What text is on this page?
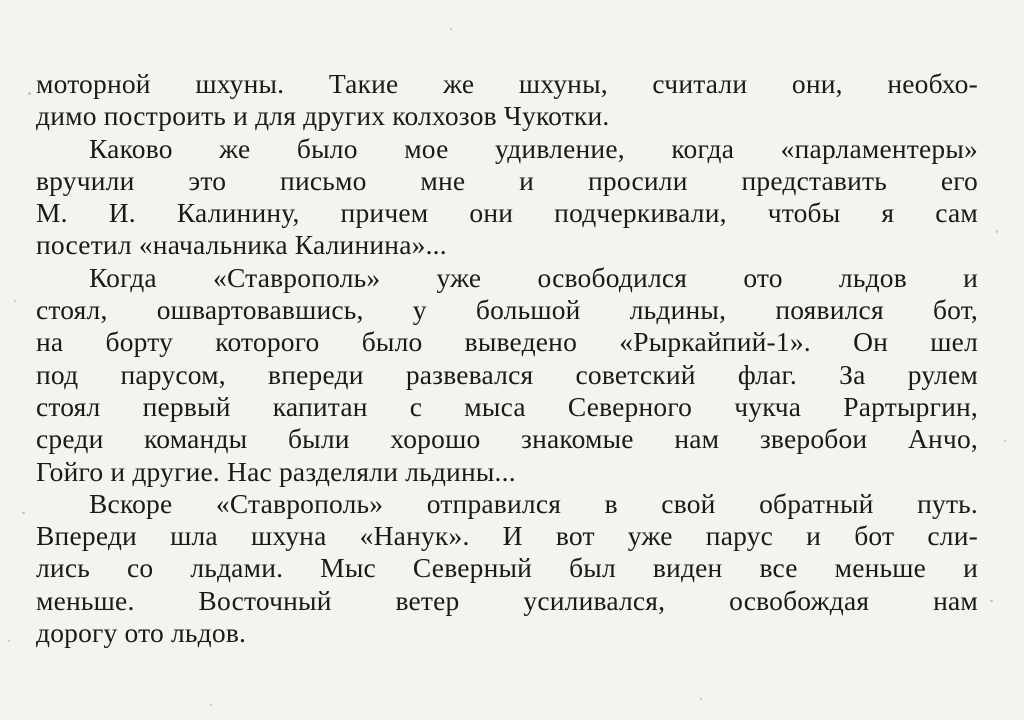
моторной шхуны. Такие же шхуны, считали они, необхо-
димо построить и для других колхозов Чукотки.
Каково же было мое удивление, когда «парламентеры»
вручили это письмо мне и просили представить его
М. И. Калинину, причем они подчеркивали, чтобы я сам
посетил «начальника Калинина»...
Когда «Ставрополь» уже освободился ото льдов и
стоял, ошвартовавшись, у большой льдины, появился бот,
на борту которого было выведено «Рыркайпий-1». Он шел
под парусом, впереди развевался советский флаг. За рулем
стоял первый капитан с мыса Северного чукча Рартыргин,
среди команды были хорошо знакомые нам зверобои Анчо,
Гойго и другие. Нас разделяли льдины...
Вскоре «Ставрополь» отправился в свой обратный путь.
Впереди шла шхуна «Нанук». И вот уже парус и бот сли-
лись со льдами. Мыс Северный был виден все меньше и
меньше. Восточный ветер усиливался, освобождая нам
дорогу ото льдов.
